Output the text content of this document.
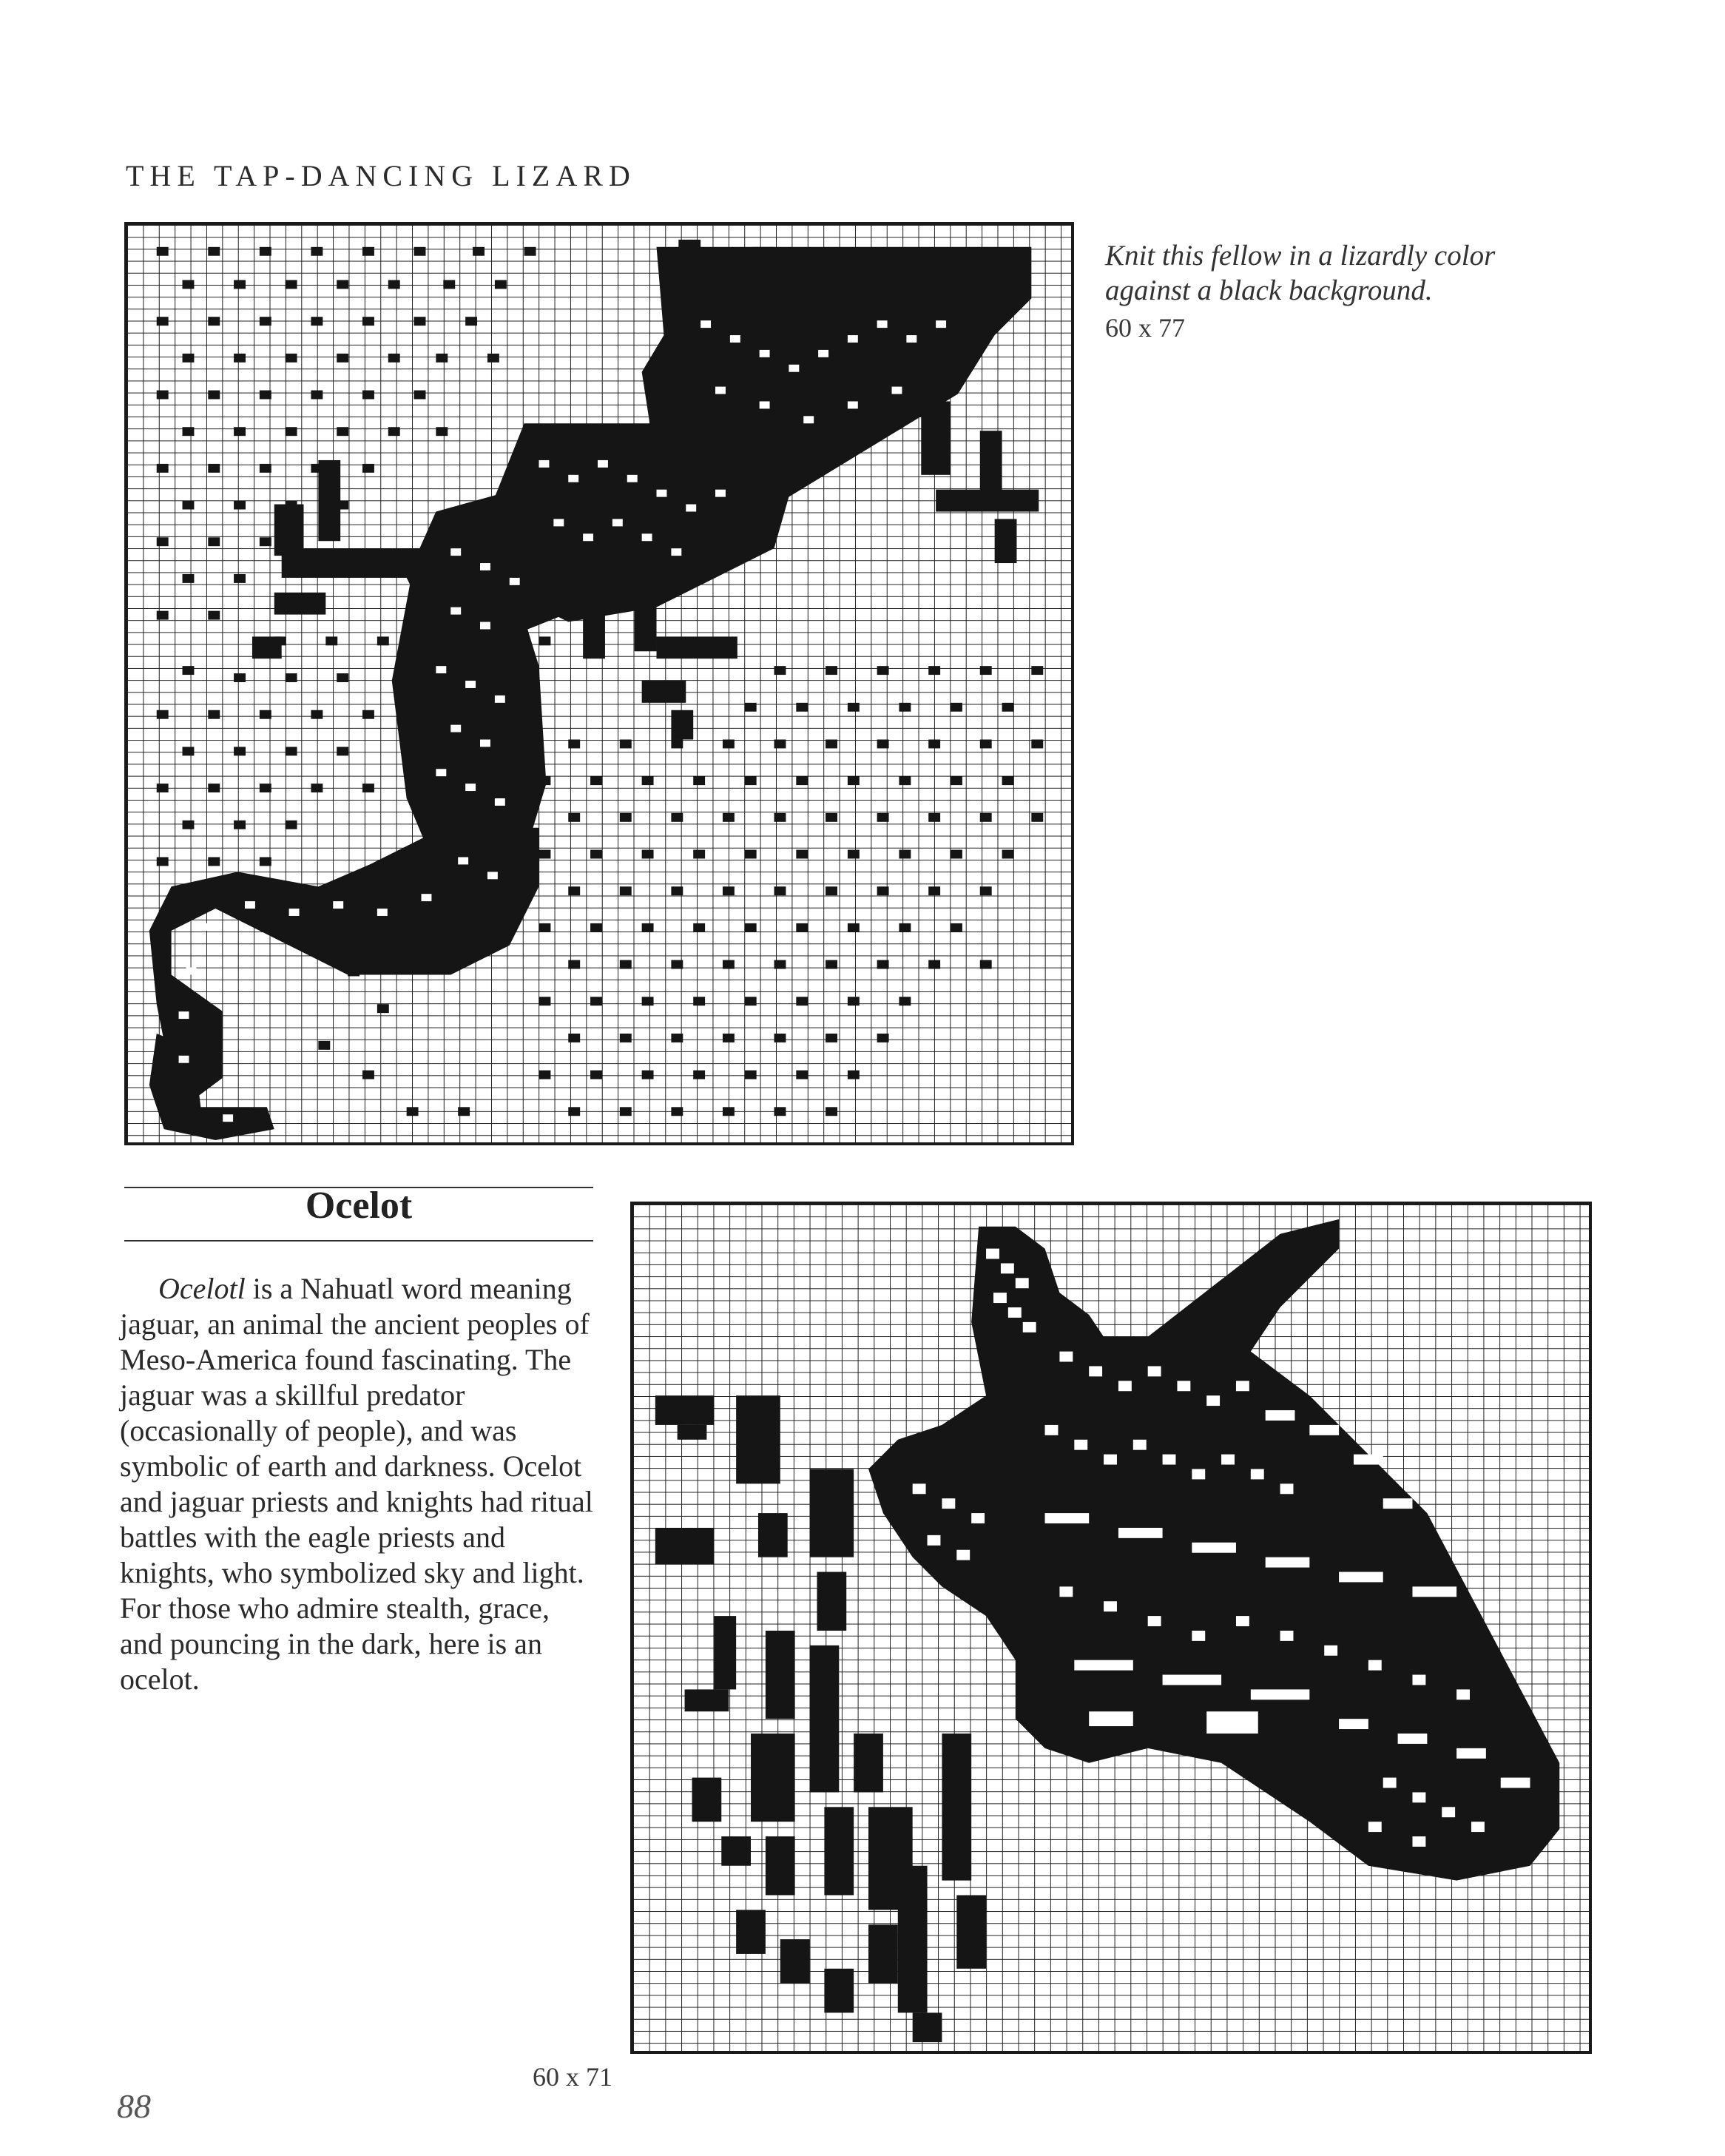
THE TAP-DANCING LIZARD
Knit this fellow in a lizardly color
against a black background.
60 x 77
Ocelot

Ocelotl is a Nahuatl word meaning jaguar, an animal the ancient peoples of Meso-America found fascinating. The jaguar was a skillful predator (occasionally of people), and was symbolic of earth and darkness. Ocelot and jaguar priests and knights had ritual battles with the eagle priests and knights, who symbolized sky and light. For those who admire stealth, grace, and pouncing in the dark, here is an ocelot.

60 x 71
88
